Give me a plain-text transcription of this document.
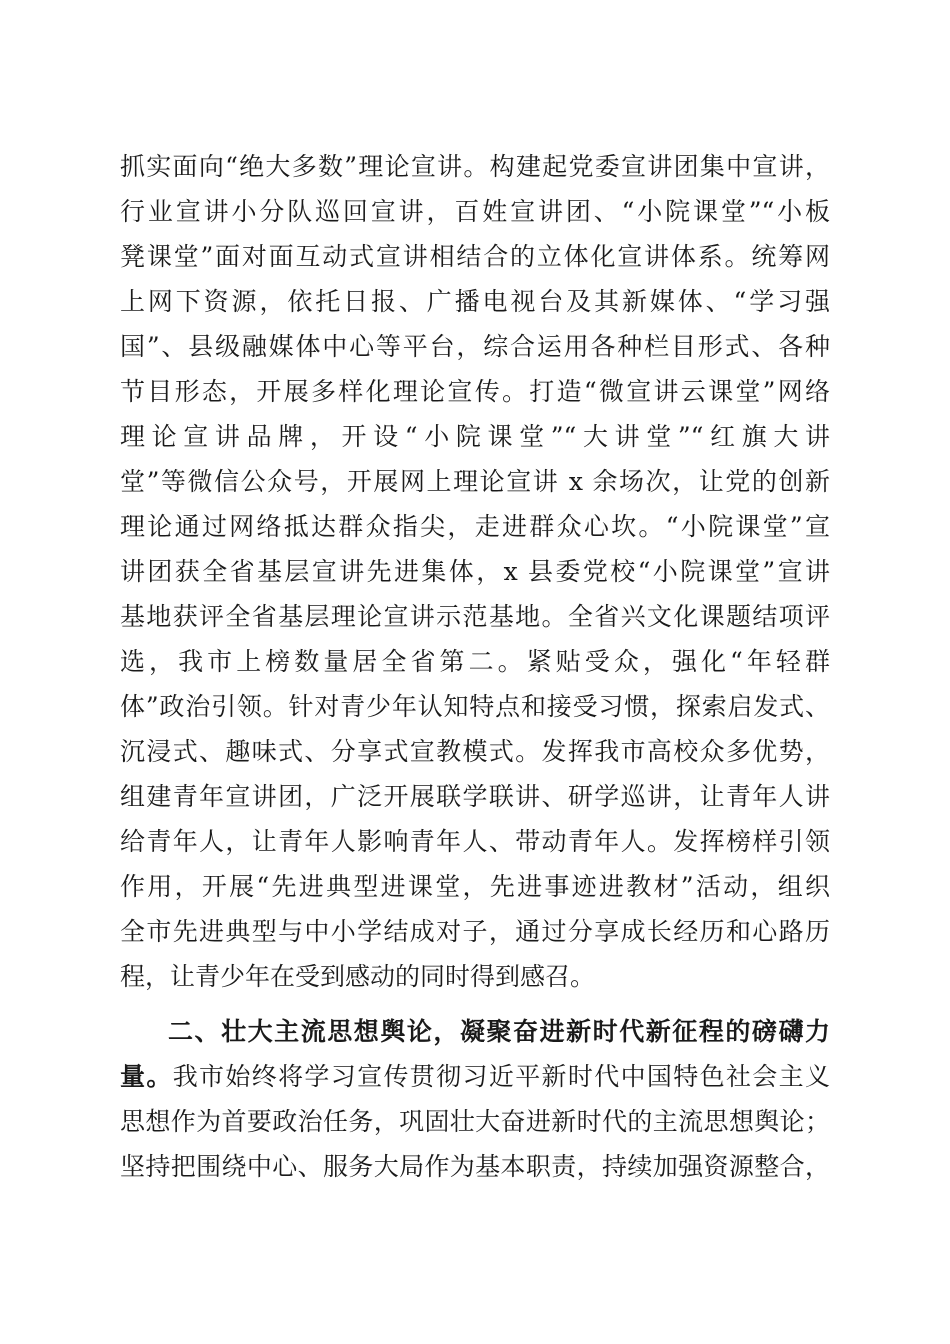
抓实面向“绝大多数”理论宣讲。构建起党委宣讲团集中宣讲，
行业宣讲小分队巡回宣讲，百姓宣讲团、“小院课堂”“小板
凳课堂”面对面互动式宣讲相结合的立体化宣讲体系。统筹网
上网下资源，依托日报、广播电视台及其新媒体、“学习强
国”、县级融媒体中心等平台，综合运用各种栏目形式、各种
节目形态，开展多样化理论宣传。打造“微宣讲云课堂”网络
理论宣讲品牌，开设“小院课堂”“大讲堂”“红旗大讲
堂”等微信公众号，开展网上理论宣讲 x 余场次，让党的创新
理论通过网络抵达群众指尖，走进群众心坎。“小院课堂”宣
讲团获全省基层宣讲先进集体，x 县委党校“小院课堂”宣讲
基地获评全省基层理论宣讲示范基地。全省兴文化课题结项评
选，我市上榜数量居全省第二。紧贴受众，强化“年轻群
体”政治引领。针对青少年认知特点和接受习惯，探索启发式、
沉浸式、趣味式、分享式宣教模式。发挥我市高校众多优势，
组建青年宣讲团，广泛开展联学联讲、研学巡讲，让青年人讲
给青年人，让青年人影响青年人、带动青年人。发挥榜样引领
作用，开展“先进典型进课堂，先进事迹进教材”活动，组织
全市先进典型与中小学结成对子，通过分享成长经历和心路历
程，让青少年在受到感动的同时得到感召。
二、壮大主流思想舆论，凝聚奋进新时代新征程的磅礴力
量。我市始终将学习宣传贯彻习近平新时代中国特色社会主义
思想作为首要政治任务，巩固壮大奋进新时代的主流思想舆论；
坚持把围绕中心、服务大局作为基本职责，持续加强资源整合，
